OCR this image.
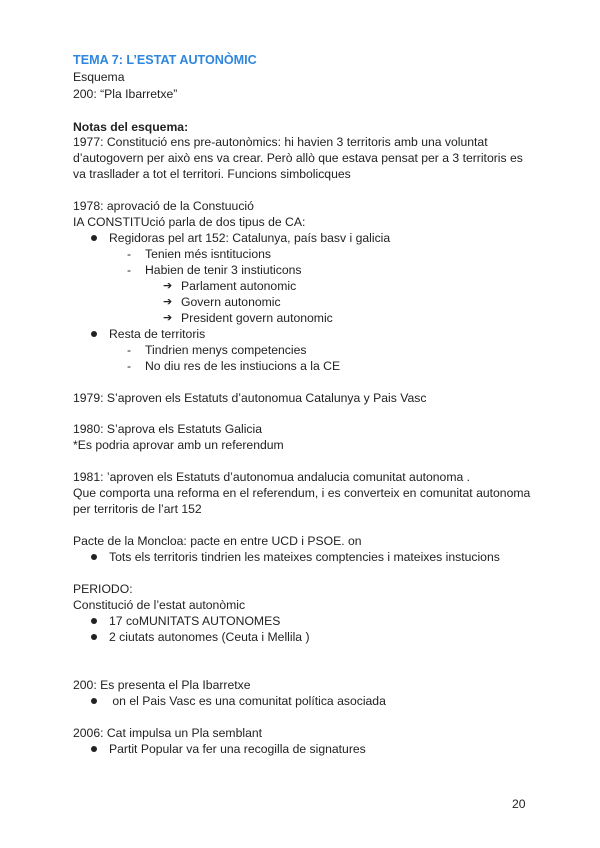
TEMA 7: L’ESTAT AUTONÒMIC
Esquema
200: “Pla Ibarretxe”
Notas del esquema:
1977: Constitució ens pre-autonòmics: hi havien 3 territoris amb una voluntat
d’autogovern per això ens va crear. Però allò que estava pensat per a 3 territoris es
va trasllader a tot el territori. Funcions simbolicques
1978: aprovació de la Constuució
IA CONSTITUció parla de dos tipus de CA:
Regidoras pel art 152: Catalunya, país basv i galicia
- Tenien més isntitucions
- Habien de tenir 3 instiuticons
➔ Parlament autonomic
➔ Govern autonomic
➔ President govern autonomic
Resta de territoris
- Tindrien menys competencies
- No diu res de les instiucions a la CE
1979: S’aproven els Estatuts d’autonomua Catalunya y Pais Vasc
1980: S’aprova els Estatuts Galicia
*Es podria aprovar amb un referendum
1981: ’aproven els Estatuts d’autonomua andalucia comunitat autonoma .
Que comporta una reforma en el referendum, i es converteix en comunitat autonoma
per territoris de l’art 152
Pacte de la Moncloa: pacte en entre UCD i PSOE. on
Tots els territoris tindrien les mateixes comptencies i mateixes instucions
PERIODO:
Constitució de l’estat autonòmic
17 coMUNITATS AUTONOMES
2 ciutats autonomes (Ceuta i Mellila )
200: Es presenta el Pla Ibarretxe
on el Pais Vasc es una comunitat política asociada
2006: Cat impulsa un Pla semblant
Partit Popular va fer una recogilla de signatures
20
